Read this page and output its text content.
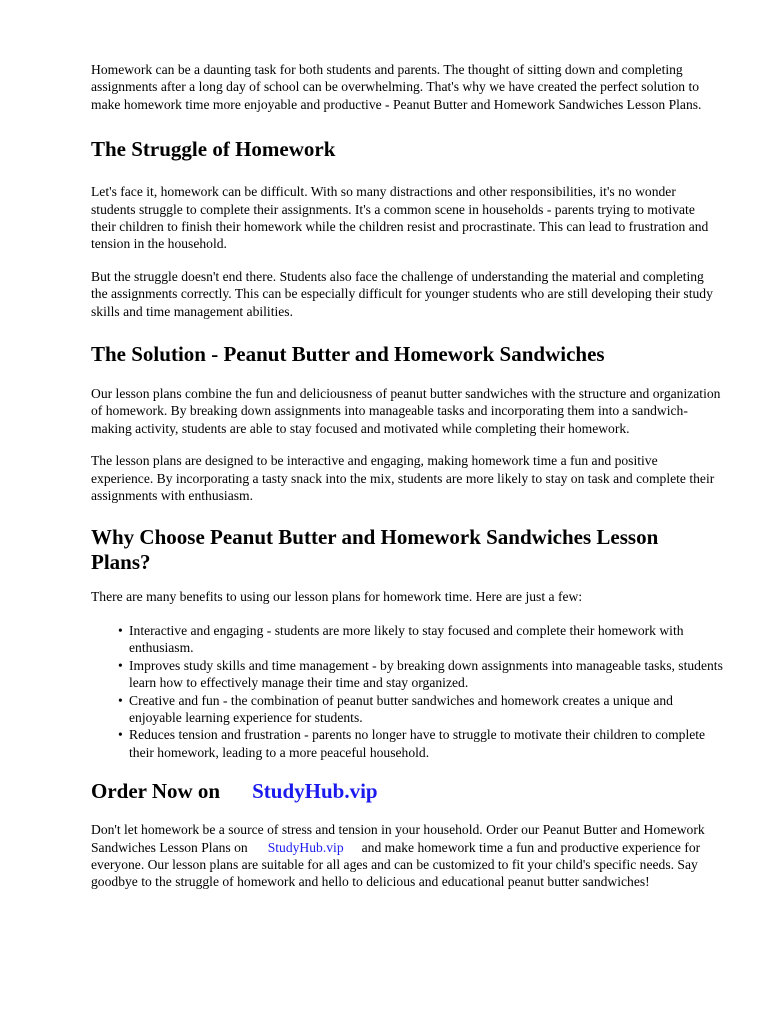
Homework can be a daunting task for both students and parents. The thought of sitting down and completing assignments after a long day of school can be overwhelming. That's why we have created the perfect solution to make homework time more enjoyable and productive - Peanut Butter and Homework Sandwiches Lesson Plans.

The Struggle of Homework

Let's face it, homework can be difficult. With so many distractions and other responsibilities, it's no wonder students struggle to complete their assignments. It's a common scene in households - parents trying to motivate their children to finish their homework while the children resist and procrastinate. This can lead to frustration and tension in the household.

But the struggle doesn't end there. Students also face the challenge of understanding the material and completing the assignments correctly. This can be especially difficult for younger students who are still developing their study skills and time management abilities.

The Solution - Peanut Butter and Homework Sandwiches

Our lesson plans combine the fun and deliciousness of peanut butter sandwiches with the structure and organization of homework. By breaking down assignments into manageable tasks and incorporating them into a sandwich-making activity, students are able to stay focused and motivated while completing their homework.

The lesson plans are designed to be interactive and engaging, making homework time a fun and positive experience. By incorporating a tasty snack into the mix, students are more likely to stay on task and complete their assignments with enthusiasm.

Why Choose Peanut Butter and Homework Sandwiches Lesson Plans?

There are many benefits to using our lesson plans for homework time. Here are just a few:

• Interactive and engaging - students are more likely to stay focused and complete their homework with enthusiasm.
• Improves study skills and time management - by breaking down assignments into manageable tasks, students learn how to effectively manage their time and stay organized.
• Creative and fun - the combination of peanut butter sandwiches and homework creates a unique and enjoyable learning experience for students.
• Reduces tension and frustration - parents no longer have to struggle to motivate their children to complete their homework, leading to a more peaceful household.
Order Now on StudyHub.vip

Don't let homework be a source of stress and tension in your household. Order our Peanut Butter and Homework Sandwiches Lesson Plans on StudyHub.vip and make homework time a fun and productive experience for everyone. Our lesson plans are suitable for all ages and can be customized to fit your child's specific needs. Say goodbye to the struggle of homework and hello to delicious and educational peanut butter sandwiches!
